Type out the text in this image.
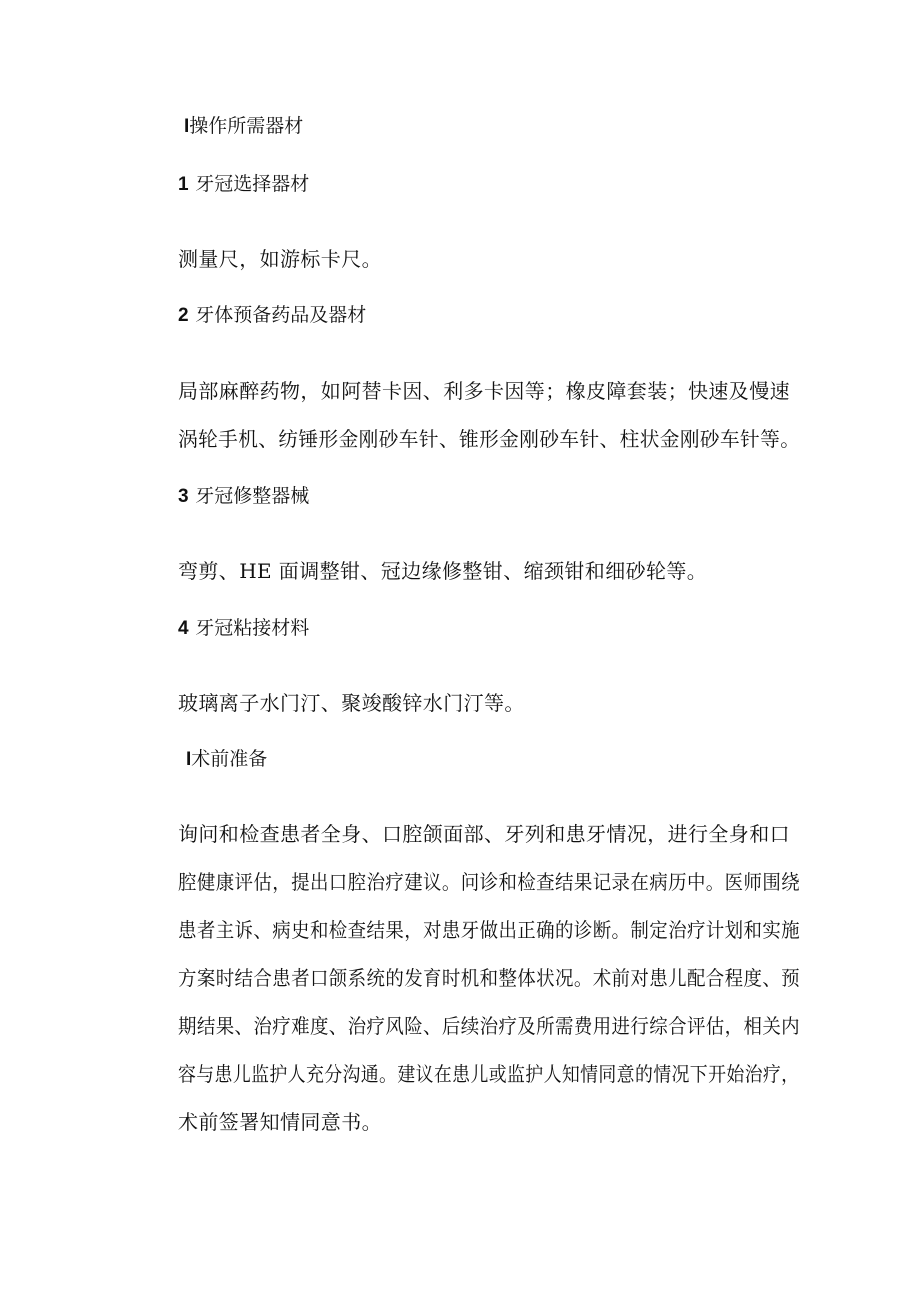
I操作所需器材
1 牙冠选择器材
测量尺，如游标卡尺。
2 牙体预备药品及器材
局部麻醉药物，如阿替卡因、利多卡因等；橡皮障套装；快速及慢速
涡轮手机、纺锤形金刚砂车针、锥形金刚砂车针、柱状金刚砂车针等。
3 牙冠修整器械
弯剪、HE 面调整钳、冠边缘修整钳、缩颈钳和细砂轮等。
4 牙冠粘接材料
玻璃离子水门汀、聚竣酸锌水门汀等。
I术前准备
询问和检查患者全身、口腔颌面部、牙列和患牙情况，进行全身和口
腔健康评估，提出口腔治疗建议。问诊和检查结果记录在病历中。医师围绕
患者主诉、病史和检查结果，对患牙做出正确的诊断。制定治疗计划和实施
方案时结合患者口颌系统的发育时机和整体状况。术前对患儿配合程度、预
期结果、治疗难度、治疗风险、后续治疗及所需费用进行综合评估，相关内
容与患儿监护人充分沟通。建议在患儿或监护人知情同意的情况下开始治疗，
术前签署知情同意书。
